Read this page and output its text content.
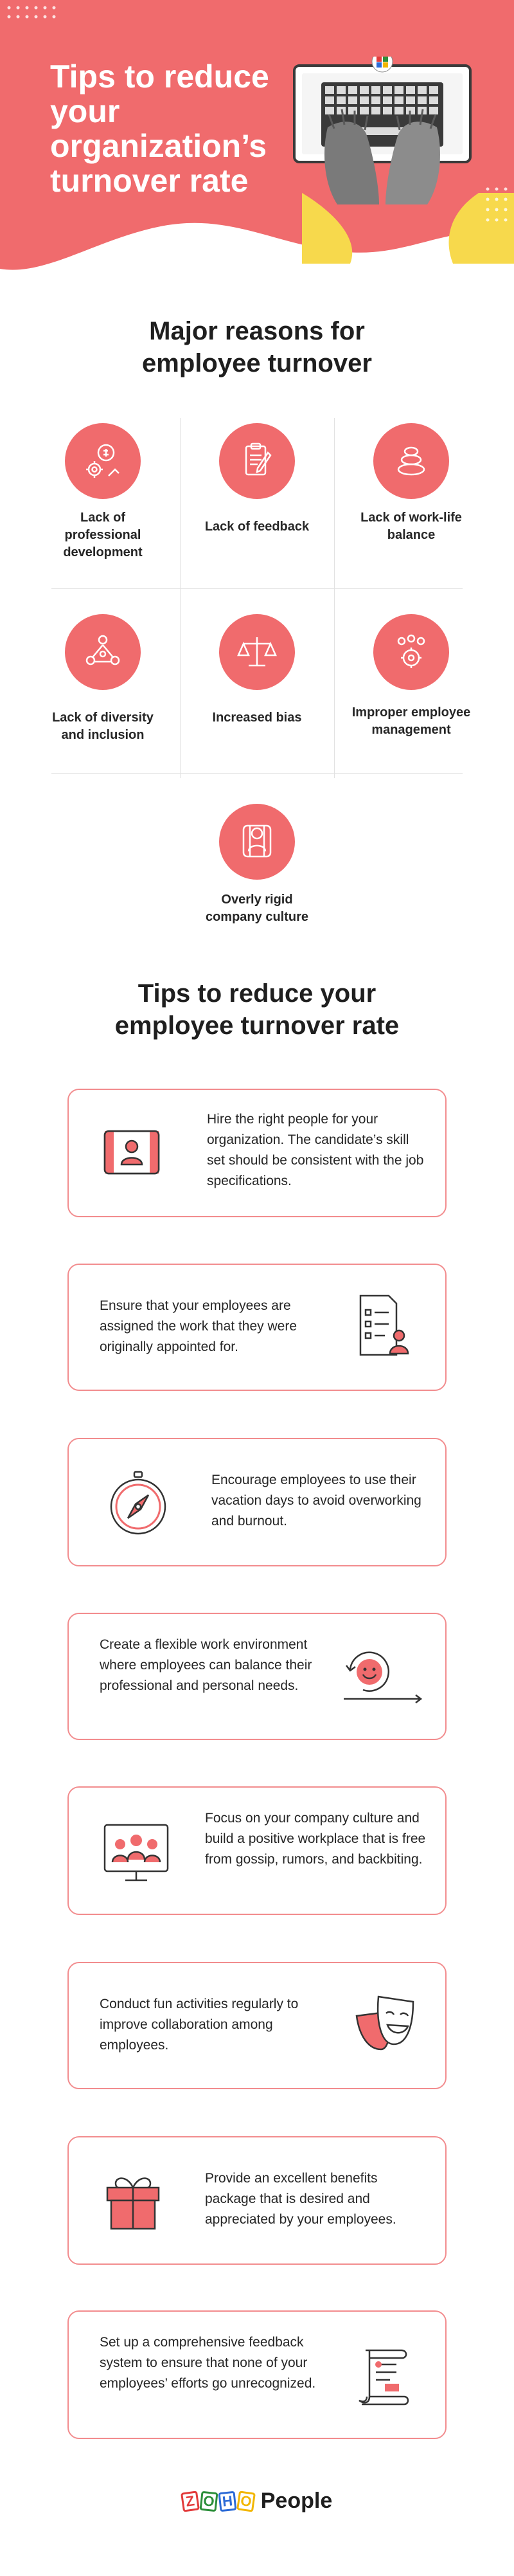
Tips to reduce your organization’s turnover rate
Major reasons for employee turnover
Lack of professional development
Lack of feedback
Lack of work-life balance
Lack of diversity and inclusion
Increased bias	Improper employee management
Overly rigid company culture
Tips to reduce your employee turnover rate
Hire the right people for your organization. The candidate’s skill set should be consistent with the job specifications.
Ensure that your employees are assigned the work that they were originally appointed for.
Encourage employees to use their vacation days to avoid overworking and burnout.
Create a flexible work environment where employees can balance their professional and personal needs.
Focus on your company culture and build a positive workplace that is free from gossip, rumors, and backbiting.
Conduct fun activities regularly to improve collaboration among employees.
Provide an excellent benefits package that is desired and appreciated by your employees.
Set up a comprehensive feedback system to ensure that none of your employees’ efforts go unrecognized.
Z O H O People
